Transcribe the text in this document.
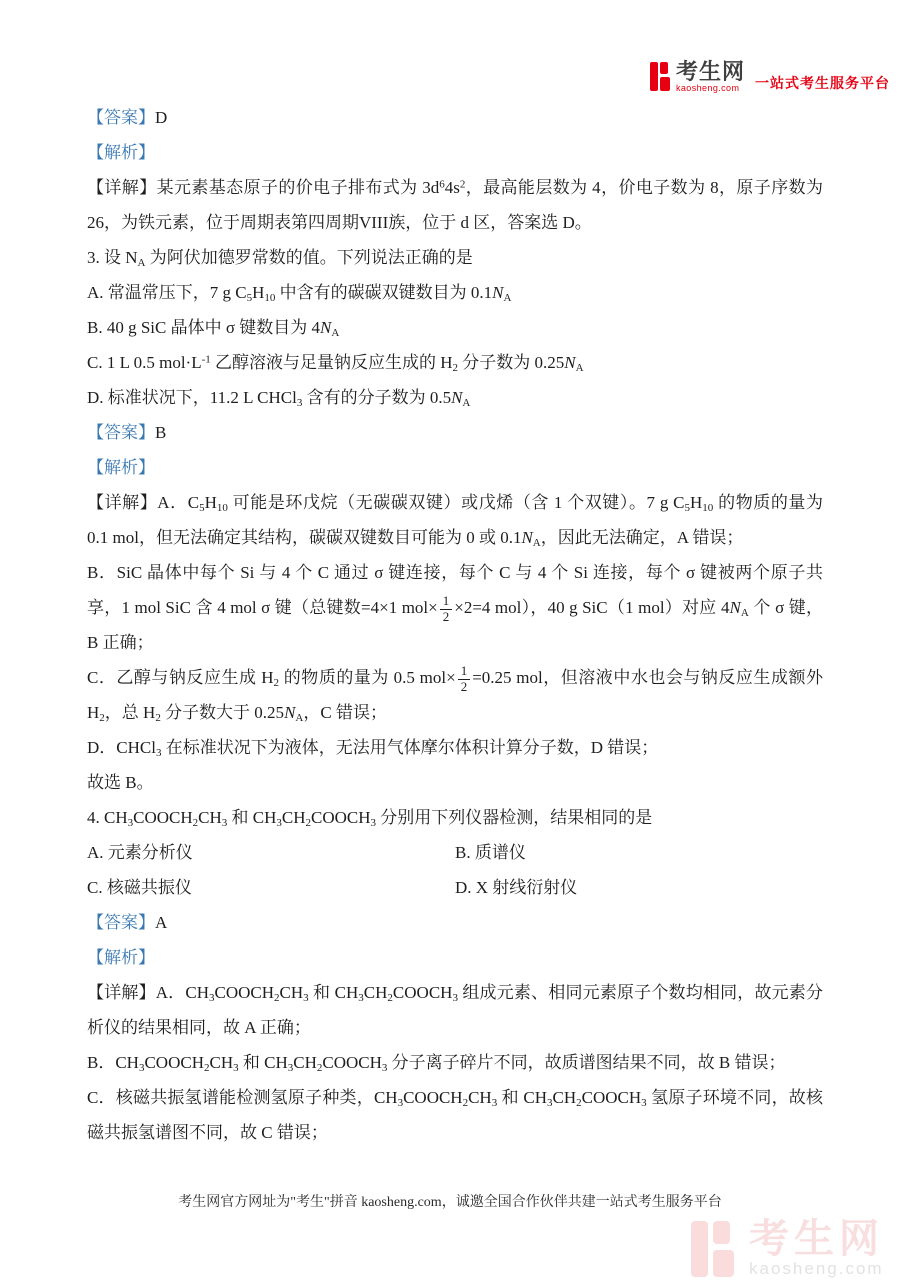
考生网
kaosheng.com	一站式考生服务平台
【答案】D
【解析】
【详解】某元素基态原子的价电子排布式为 $3d^64s^2$，最高能层数为 4，价电子数为 8，原子序数为 26，为铁元素，位于周期表第四周期VIII族，位于 d 区，答案选 D。
3. 设 $N_A$ 为阿伏加德罗常数的值。下列说法正确的是
A. 常温常压下，7 g $C_5H_{10}$ 中含有的碳碳双键数目为 $0.1N_A$
B. 40 g SiC 晶体中 σ 键数目为 $4N_A$
C. 1 L 0.5 $mol\cdot L^{-1}$ 乙醇溶液与足量钠反应生成的 $H_2$ 分子数为 $0.25N_A$
D. 标准状况下，11.2 L CHCl$_3$ 含有的分子数为 $0.5N_A$
【答案】B
【解析】
【详解】A．$C_5H_{10}$ 可能是环戊烷（无碳碳双键）或戊烯（含 1 个双键）。7 g $C_5H_{10}$ 的物质的量为 0.1 mol，但无法确定其结构，碳碳双键数目可能为 0 或 $0.1N_A$，因此无法确定，A 错误；
B．SiC 晶体中每个 Si 与 4 个 C 通过 σ 键连接，每个 C 与 4 个 Si 连接，每个 σ 键被两个原子共享，1 mol SiC 含 4 mol σ 键（总键数=4×1 $mol\times \frac{1}{2} \times 2=4$ mol），40 g SiC（1 mol）对应 $4N_A$ 个 σ 键，B 正确；
C．乙醇与钠反应生成 $H_2$ 的物质的量为 0.5 $mol\times \frac{1}{2} =0.25$ mol，但溶液中水也会与钠反应生成额外 $H_2$，总 $H_2$ 分子数大于 $0.25N_A$，C 错误；
D．CHCl$_3$ 在标准状况下为液体，无法用气体摩尔体积计算分子数，D 错误；
故选 B。
4. $CH_3COOCH_2CH_3$ 和 $CH_3CH_2COOCH_3$ 分别用下列仪器检测，结果相同的是
A. 元素分析仪	B. 质谱仪
C. 核磁共振仪	D. X 射线衍射仪
【答案】A
【解析】
【详解】A．$CH_3COOCH_2CH_3$ 和 $CH_3CH_2COOCH_3$ 组成元素、相同元素原子个数均相同，故元素分析仪的结果相同，故 A 正确；
B．$CH_3COOCH_2CH_3$ 和 $CH_3CH_2COOCH_3$ 分子离子碎片不同，故质谱图结果不同，故 B 错误；
C．核磁共振氢谱能检测氢原子种类，$CH_3COOCH_2CH_3$ 和 $CH_3CH_2COOCH_3$ 氢原子环境不同，故核磁共振氢谱图不同，故 C 错误；
考生网官方网址为"考生"拼音 kaosheng.com，诚邀全国合作伙伴共建一站式考生服务平台
考生网
kaosheng.com
